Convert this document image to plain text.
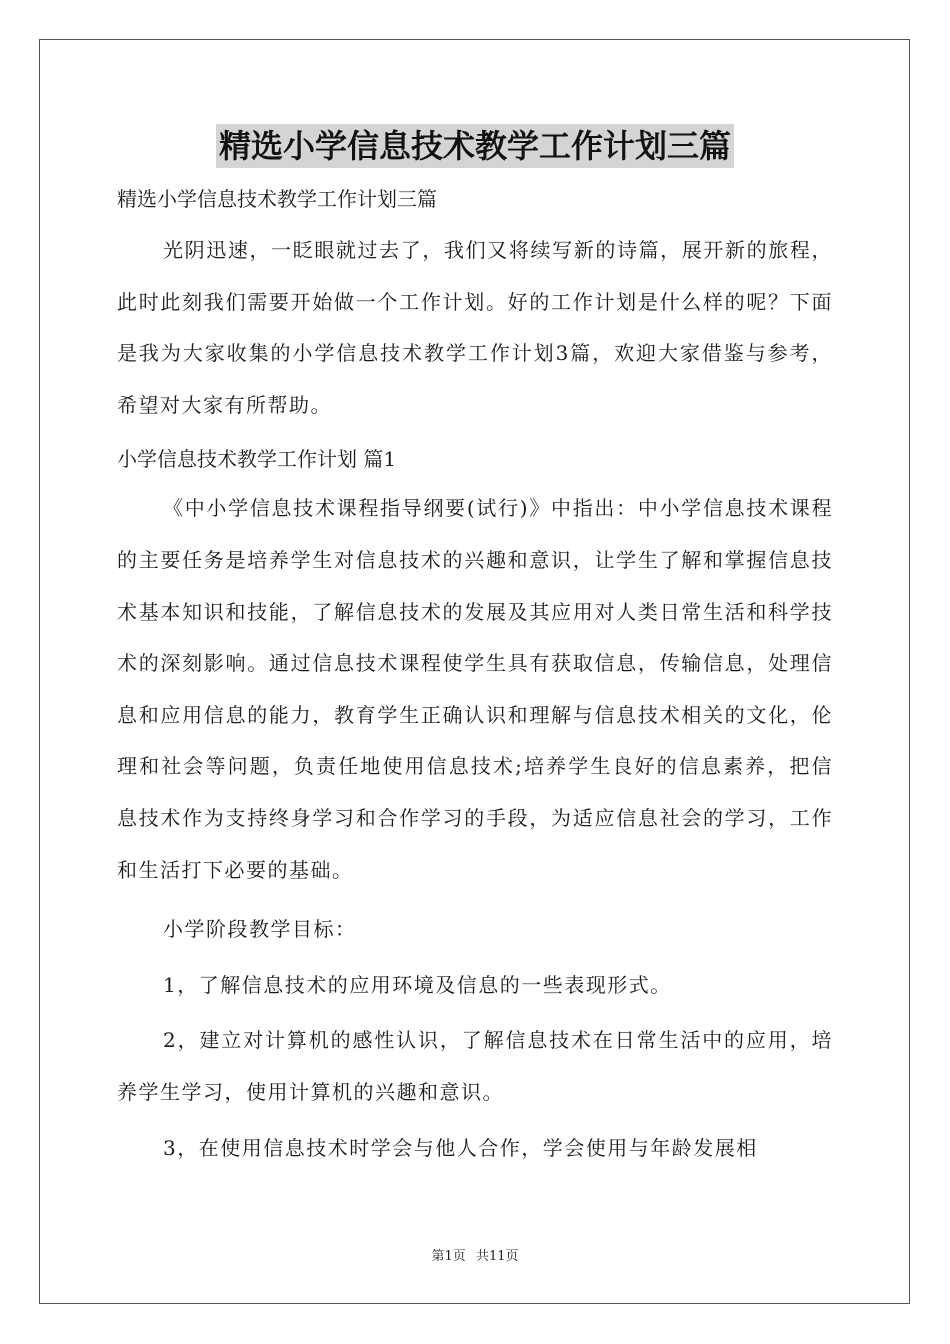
精选小学信息技术教学工作计划三篇

精选小学信息技术教学工作计划三篇

光阴迅速，一眨眼就过去了，我们又将续写新的诗篇，展开新的旅程，此时此刻我们需要开始做一个工作计划。好的工作计划是什么样的呢？下面是我为大家收集的小学信息技术教学工作计划3篇，欢迎大家借鉴与参考，希望对大家有所帮助。

小学信息技术教学工作计划 篇1

《中小学信息技术课程指导纲要(试行)》中指出：中小学信息技术课程的主要任务是培养学生对信息技术的兴趣和意识，让学生了解和掌握信息技术基本知识和技能，了解信息技术的发展及其应用对人类日常生活和科学技术的深刻影响。通过信息技术课程使学生具有获取信息，传输信息，处理信息和应用信息的能力，教育学生正确认识和理解与信息技术相关的文化，伦理和社会等问题，负责任地使用信息技术;培养学生良好的信息素养，把信息技术作为支持终身学习和合作学习的手段，为适应信息社会的学习，工作和生活打下必要的基础。

小学阶段教学目标：

1，了解信息技术的应用环境及信息的一些表现形式。

2，建立对计算机的感性认识，了解信息技术在日常生活中的应用，培养学生学习，使用计算机的兴趣和意识。

3，在使用信息技术时学会与他人合作，学会使用与年龄发展相

第1页 共11页
